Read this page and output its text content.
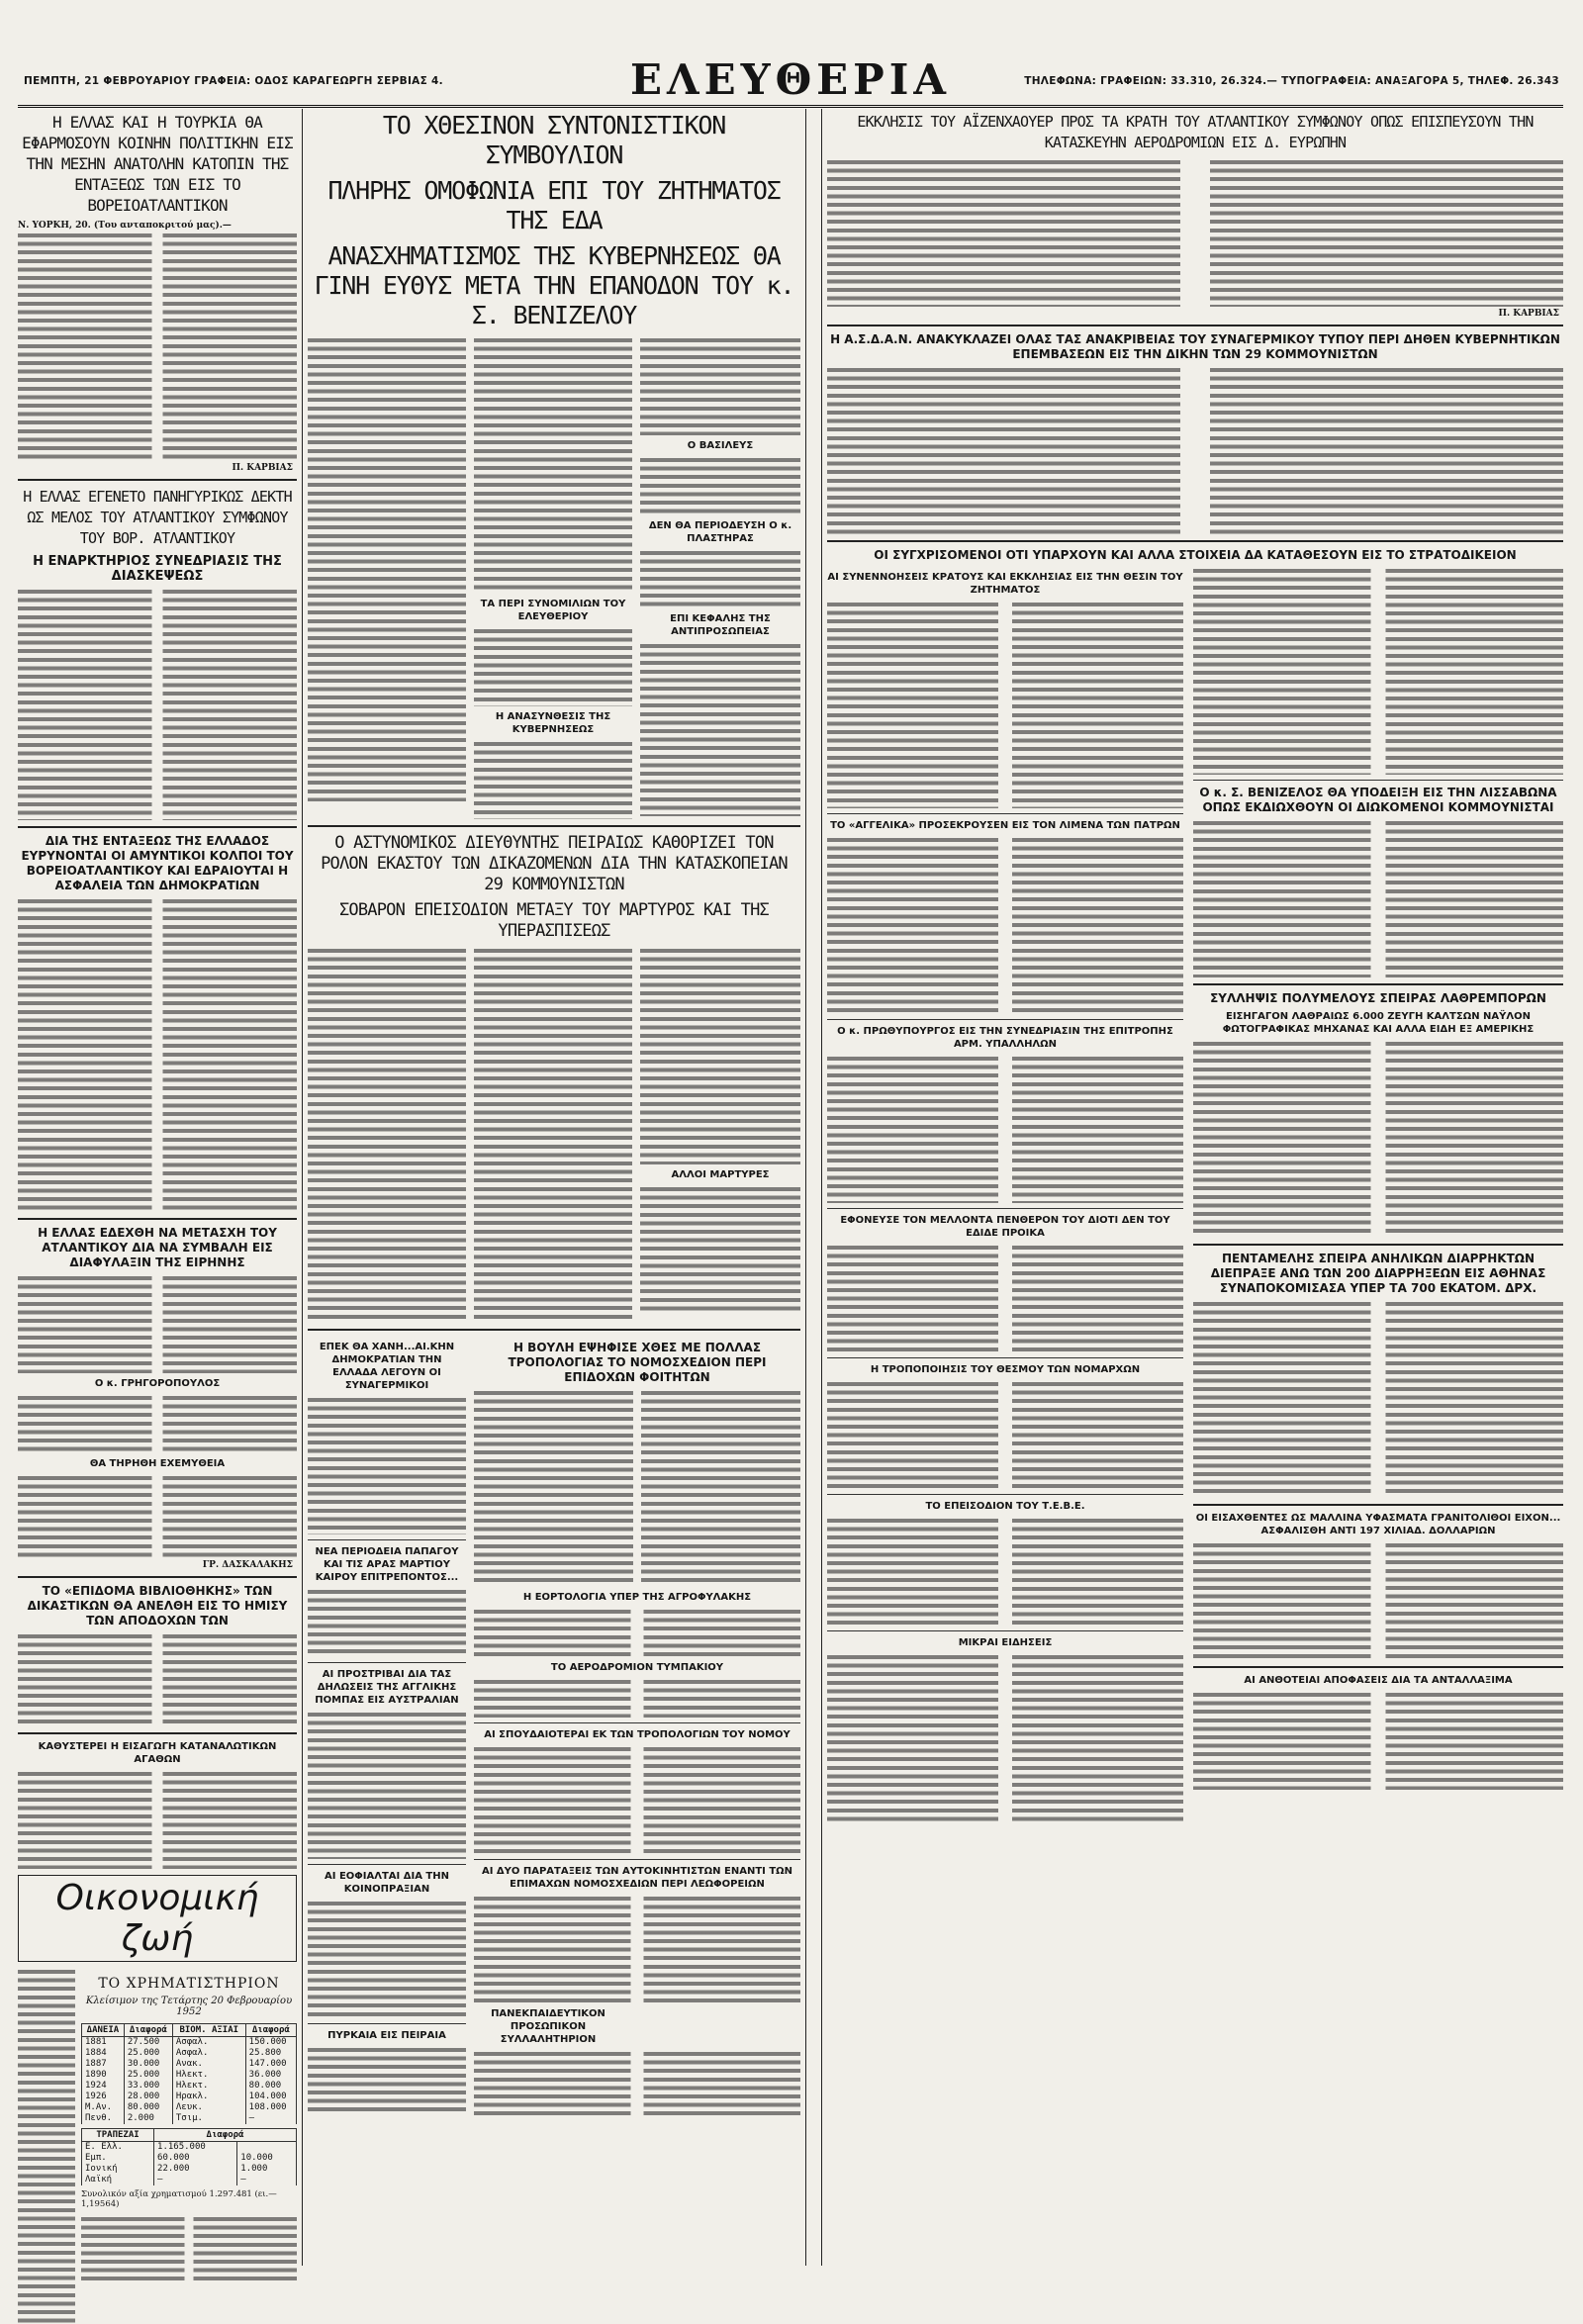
ΠΕΜΠΤΗ, 21 ΦΕΒΡΟΥΑΡΙΟΥ ΓΡΑΦΕΙΑ: ΟΔΟΣ ΚΑΡΑΓΕΩΡΓΗ ΣΕΡΒΙΑΣ 4.	ΕΛΕΥΘΕΡΙΑ	ΤΗΛΕΦΩΝΑ: ΓΡΑΦΕΙΩΝ: 33.310, 26.324.— ΤΥΠΟΓΡΑΦΕΙΑ: ΑΝΑΞΑΓΟΡΑ 5, ΤΗΛΕΦ. 26.343
Η ΕΛΛΑΣ ΚΑΙ Η ΤΟΥΡΚΙΑ ΘΑ ΕΦΑΡΜΟΣΟΥΝ ΚΟΙΝΗΝ ΠΟΛΙΤΙΚΗΝ ΕΙΣ ΤΗΝ ΜΕΣΗΝ ΑΝΑΤΟΛΗΝ ΚΑΤΟΠΙΝ ΤΗΣ ΕΝΤΑΞΕΩΣ ΤΩΝ ΕΙΣ ΤΟ ΒΟΡΕΙΟΑΤΛΑΝΤΙΚΟΝ
Ν. ΥΟΡΚΗ, 20. (Του ανταποκριτού μας).—
Π. ΚΑΡΒΙΑΣ
Η ΕΛΛΑΣ ΕΓΕΝΕΤΟ ΠΑΝΗΓΥΡΙΚΩΣ ΔΕΚΤΗ ΩΣ ΜΕΛΟΣ ΤΟΥ ΑΤΛΑΝΤΙΚΟΥ ΣΥΜΦΩΝΟΥ ΤΟΥ ΒΟΡ. ΑΤΛΑΝΤΙΚΟΥ
Η ΕΝΑΡΚΤΗΡΙΟΣ ΣΥΝΕΔΡΙΑΣΙΣ ΤΗΣ ΔΙΑΣΚΕΨΕΩΣ
ΔΙΑ ΤΗΣ ΕΝΤΑΞΕΩΣ ΤΗΣ ΕΛΛΑΔΟΣ ΕΥΡΥΝΟΝΤΑΙ ΟΙ ΑΜΥΝΤΙΚΟΙ ΚΟΛΠΟΙ ΤΟΥ ΒΟΡΕΙΟΑΤΛΑΝΤΙΚΟΥ ΚΑΙ ΕΔΡΑΙΟΥΤΑΙ Η ΑΣΦΑΛΕΙΑ ΤΩΝ ΔΗΜΟΚΡΑΤΙΩΝ
Η ΕΛΛΑΣ ΕΔΕΧΘΗ ΝΑ ΜΕΤΑΣΧΗ ΤΟΥ ΑΤΛΑΝΤΙΚΟΥ ΔΙΑ ΝΑ ΣΥΜΒΑΛΗ ΕΙΣ ΔΙΑΦΥΛΑΞΙΝ ΤΗΣ ΕΙΡΗΝΗΣ
Ο κ. ΓΡΗΓΟΡΟΠΟΥΛΟΣ
ΘΑ ΤΗΡΗΘΗ ΕΧΕΜΥΘΕΙΑ
ΓΡ. ΔΑΣΚΑΛΑΚΗΣ
ΤΟ «ΕΠΙΔΟΜΑ ΒΙΒΛΙΟΘΗΚΗΣ» ΤΩΝ ΔΙΚΑΣΤΙΚΩΝ ΘΑ ΑΝΕΛΘΗ ΕΙΣ ΤΟ ΗΜΙΣΥ ΤΩΝ ΑΠΟΔΟΧΩΝ ΤΩΝ
ΚΑΘΥΣΤΕΡΕΙ Η ΕΙΣΑΓΩΓΗ ΚΑΤΑΝΑΛΩΤΙΚΩΝ ΑΓΑΘΩΝ
Οικονομική ζωή
ΤΟ ΧΡΗΜΑΤΙΣΤΗΡΙΟΝ
Κλείσιμον της Τετάρτης 20 Φεβρουαρίου 1952
ΔΑΝΕΙΑ	Διαφορά	ΒΙΟΜ. ΑΞΙΑΙ	Διαφορά
1881	27.500	Ασφαλ.	150.000
1884	25.000	Ασφαλ.	25.800
1887	30.000	Ανακ.	147.000
1890	25.000	Ηλεκτ.	36.000
1924	33.000	Ηλεκτ.	80.000
1926	28.000	Ηρακλ.	104.000
Μ.Αν.	80.000	Λευκ.	108.000
Πενθ.	2.000	Τσιμ.	—
ΤΡΑΠΕΖΑΙ	Διαφορά	
Ε. Ελλ.	1.165.000	
Εμπ.	60.000	10.000
Ιονική	22.000	1.000
Λαϊκή	—	—
Συνολικόν αξία χρηματισμού 1.297.481 (ει.—1,19564)
ΤΟ ΧΘΕΣΙΝΟΝ ΣΥΝΤΟΝΙΣΤΙΚΟΝ ΣΥΜΒΟΥΛΙΟΝ
ΠΛΗΡΗΣ ΟΜΟΦΩΝΙΑ ΕΠΙ ΤΟΥ ΖΗΤΗΜΑΤΟΣ ΤΗΣ ΕΔΑ
ΑΝΑΣΧΗΜΑΤΙΣΜΟΣ ΤΗΣ ΚΥΒΕΡΝΗΣΕΩΣ ΘΑ ΓΙΝΗ ΕΥΘΥΣ ΜΕΤΑ ΤΗΝ ΕΠΑΝΟΔΟΝ ΤΟΥ κ. Σ. ΒΕΝΙΖΕΛΟΥ
ΤΑ ΠΕΡΙ ΣΥΝΟΜΙΛΙΩΝ ΤΟΥ ΕΛΕΥΘΕΡΙΟΥ
Η ΑΝΑΣΥΝΘΕΣΙΣ ΤΗΣ ΚΥΒΕΡΝΗΣΕΩΣ
Ο ΒΑΣΙΛΕΥΣ
ΔΕΝ ΘΑ ΠΕΡΙΟΔΕΥΣΗ Ο κ. ΠΛΑΣΤΗΡΑΣ
ΕΠΙ ΚΕΦΑΛΗΣ ΤΗΣ ΑΝΤΙΠΡΟΣΩΠΕΙΑΣ
Ο ΑΣΤΥΝΟΜΙΚΟΣ ΔΙΕΥΘΥΝΤΗΣ ΠΕΙΡΑΙΩΣ ΚΑΘΟΡΙΖΕΙ ΤΟΝ ΡΟΛΟΝ ΕΚΑΣΤΟΥ ΤΩΝ ΔΙΚΑΖΟΜΕΝΩΝ ΔΙΑ ΤΗΝ ΚΑΤΑΣΚΟΠΕΙΑΝ 29 ΚΟΜΜΟΥΝΙΣΤΩΝ
ΣΟΒΑΡΟΝ ΕΠΕΙΣΟΔΙΟΝ ΜΕΤΑΞΥ ΤΟΥ ΜΑΡΤΥΡΟΣ ΚΑΙ ΤΗΣ ΥΠΕΡΑΣΠΙΣΕΩΣ
ΑΛΛΟΙ ΜΑΡΤΥΡΕΣ
ΕΠΕΚ ΘΑ ΧΑΝΗ...ΑΙ.ΚΗΝ ΔΗΜΟΚΡΑΤΙΑΝ ΤΗΝ ΕΛΛΑΔΑ ΛΕΓΟΥΝ ΟΙ ΣΥΝΑΓΕΡΜΙΚΟΙ
ΝΕΑ ΠΕΡΙΟΔΕΙΑ ΠΑΠΑΓΟΥ ΚΑΙ ΤΙΣ ΑΡΑΣ ΜΑΡΤΙΟΥ ΚΑΙΡΟΥ ΕΠΙΤΡΕΠΟΝΤΟΣ...
ΑΙ ΠΡΟΣΤΡΙΒΑΙ ΔΙΑ ΤΑΣ ΔΗΛΩΣΕΙΣ ΤΗΣ ΑΓΓΛΙΚΗΣ ΠΟΜΠΑΣ ΕΙΣ ΑΥΣΤΡΑΛΙΑΝ
ΑΙ ΕΟΦΙΑΛΤΑΙ ΔΙΑ ΤΗΝ ΚΟΙΝΟΠΡΑΞΙΑΝ
ΠΥΡΚΑΙΑ ΕΙΣ ΠΕΙΡΑΙΑ
Η ΒΟΥΛΗ ΕΨΗΦΙΣΕ ΧΘΕΣ ΜΕ ΠΟΛΛΑΣ ΤΡΟΠΟΛΟΓΙΑΣ ΤΟ ΝΟΜΟΣΧΕΔΙΟΝ ΠΕΡΙ ΕΠΙΔΟΧΩΝ ΦΟΙΤΗΤΩΝ
Η ΕΟΡΤΟΛΟΓΙΑ ΥΠΕΡ ΤΗΣ ΑΓΡΟΦΥΛΑΚΗΣ
ΤΟ ΑΕΡΟΔΡΟΜΙΟΝ ΤΥΜΠΑΚΙΟΥ
ΑΙ ΣΠΟΥΔΑΙΟΤΕΡΑΙ ΕΚ ΤΩΝ ΤΡΟΠΟΛΟΓΙΩΝ ΤΟΥ ΝΟΜΟΥ
ΑΙ ΔΥΟ ΠΑΡΑΤΑΞΕΙΣ ΤΩΝ ΑΥΤΟΚΙΝΗΤΙΣΤΩΝ ΕΝΑΝΤΙ ΤΩΝ ΕΠΙΜΑΧΩΝ ΝΟΜΟΣΧΕΔΙΩΝ ΠΕΡΙ ΛΕΩΦΟΡΕΙΩΝ
ΠΑΝΕΚΠΑΙΔΕΥΤΙΚΟΝ ΠΡΟΣΩΠΙΚΟΝ ΣΥΛΛΑΛΗΤΗΡΙΟΝ
ΕΚΚΛΗΣΙΣ ΤΟΥ ΑΪΖΕΝΧΑΟΥΕΡ ΠΡΟΣ ΤΑ ΚΡΑΤΗ ΤΟΥ ΑΤΛΑΝΤΙΚΟΥ ΣΥΜΦΩΝΟΥ ΟΠΩΣ ΕΠΙΣΠΕΥΣΟΥΝ ΤΗΝ ΚΑΤΑΣΚΕΥΗΝ ΑΕΡΟΔΡΟΜΙΩΝ ΕΙΣ Δ. ΕΥΡΩΠΗΝ
Π. ΚΑΡΒΙΑΣ
Η Α.Σ.Δ.Α.Ν. ΑΝΑΚΥΚΛΑΖΕΙ ΟΛΑΣ ΤΑΣ ΑΝΑΚΡΙΒΕΙΑΣ ΤΟΥ ΣΥΝΑΓΕΡΜΙΚΟΥ ΤΥΠΟΥ ΠΕΡΙ ΔΗΘΕΝ ΚΥΒΕΡΝΗΤΙΚΩΝ ΕΠΕΜΒΑΣΕΩΝ ΕΙΣ ΤΗΝ ΔΙΚΗΝ ΤΩΝ 29 ΚΟΜΜΟΥΝΙΣΤΩΝ
ΟΙ ΣΥΓΧΡΙΣΟΜΕΝΟΙ ΟΤΙ ΥΠΑΡΧΟΥΝ ΚΑΙ ΑΛΛΑ ΣΤΟΙΧΕΙΑ ΔΑ ΚΑΤΑΘΕΣΟΥΝ ΕΙΣ ΤΟ ΣΤΡΑΤΟΔΙΚΕΙΟΝ
ΑΙ ΣΥΝΕΝΝΟΗΣΕΙΣ ΚΡΑΤΟΥΣ ΚΑΙ ΕΚΚΛΗΣΙΑΣ ΕΙΣ ΤΗΝ ΘΕΣΙΝ ΤΟΥ ΖΗΤΗΜΑΤΟΣ
ΤΟ «ΑΓΓΕΛΙΚΑ» ΠΡΟΣΕΚΡΟΥΣΕΝ ΕΙΣ ΤΟΝ ΛΙΜΕΝΑ ΤΩΝ ΠΑΤΡΩΝ
Ο κ. ΠΡΩΘΥΠΟΥΡΓΟΣ ΕΙΣ ΤΗΝ ΣΥΝΕΔΡΙΑΣΙΝ ΤΗΣ ΕΠΙΤΡΟΠΗΣ ΑΡΜ. ΥΠΑΛΛΗΛΩΝ
ΕΦΟΝΕΥΣΕ ΤΟΝ ΜΕΛΛΟΝΤΑ ΠΕΝΘΕΡΟΝ ΤΟΥ ΔΙΟΤΙ ΔΕΝ ΤΟΥ ΕΔΙΔΕ ΠΡΟΙΚΑ
Η ΤΡΟΠΟΠΟΙΗΣΙΣ ΤΟΥ ΘΕΣΜΟΥ ΤΩΝ ΝΟΜΑΡΧΩΝ
ΤΟ ΕΠΕΙΣΟΔΙΟΝ ΤΟΥ Τ.Ε.Β.Ε.
ΜΙΚΡΑΙ ΕΙΔΗΣΕΙΣ
Ο κ. Σ. ΒΕΝΙΖΕΛΟΣ ΘΑ ΥΠΟΔΕΙΞΗ ΕΙΣ ΤΗΝ ΛΙΣΣΑΒΩΝΑ ΟΠΩΣ ΕΚΔΙΩΧΘΟΥΝ ΟΙ ΔΙΩΚΟΜΕΝΟΙ ΚΟΜΜΟΥΝΙΣΤΑΙ
ΣΥΛΛΗΨΙΣ ΠΟΛΥΜΕΛΟΥΣ ΣΠΕΙΡΑΣ ΛΑΘΡΕΜΠΟΡΩΝ
ΕΙΣΗΓΑΓΟΝ ΛΑΘΡΑΙΩΣ 6.000 ΖΕΥΓΗ ΚΑΛΤΣΩΝ ΝΑΫΛΟΝ ΦΩΤΟΓΡΑΦΙΚΑΣ ΜΗΧΑΝΑΣ ΚΑΙ ΑΛΛΑ ΕΙΔΗ ΕΞ ΑΜΕΡΙΚΗΣ
ΠΕΝΤΑΜΕΛΗΣ ΣΠΕΙΡΑ ΑΝΗΛΙΚΩΝ ΔΙΑΡΡΗΚΤΩΝ ΔΙΕΠΡΑΞΕ ΑΝΩ ΤΩΝ 200 ΔΙΑΡΡΗΞΕΩΝ ΕΙΣ ΑΘΗΝΑΣ ΣΥΝΑΠΟΚΟΜΙΣΑΣΑ ΥΠΕΡ ΤΑ 700 ΕΚΑΤΟΜ. ΔΡΧ.
ΟΙ ΕΙΣΑΧΘΕΝΤΕΣ ΩΣ ΜΑΛΛΙΝΑ ΥΦΑΣΜΑΤΑ ΓΡΑΝΙΤΟΛΙΘΟΙ ΕΙΧΟΝ... ΑΣΦΑΛΙΣΘΗ ΑΝΤΙ 197 ΧΙΛΙΑΔ. ΔΟΛΛΑΡΙΩΝ
ΑΙ ΑΝΘΟΤΕΙΑΙ ΑΠΟΦΑΣΕΙΣ ΔΙΑ ΤΑ ΑΝΤΑΛΛΑΞΙΜΑ
